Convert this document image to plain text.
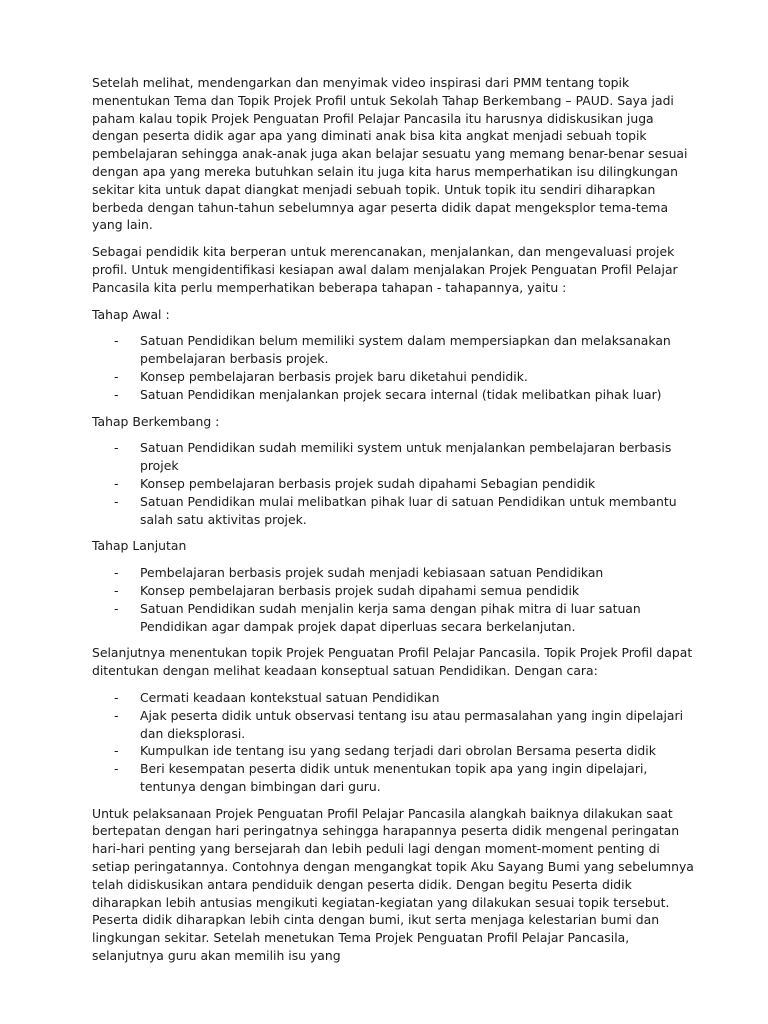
Setelah melihat, mendengarkan dan menyimak video inspirasi dari PMM tentang topik menentukan Tema dan Topik Projek Profil untuk Sekolah Tahap Berkembang – PAUD. Saya jadi paham kalau topik Projek Penguatan Profil Pelajar Pancasila itu harusnya didiskusikan juga dengan peserta didik agar apa yang diminati anak bisa kita angkat menjadi sebuah topik pembelajaran sehingga anak-anak juga akan belajar sesuatu yang memang benar-benar sesuai dengan apa yang mereka butuhkan selain itu juga kita harus memperhatikan isu dilingkungan sekitar kita untuk dapat diangkat menjadi sebuah topik. Untuk topik itu sendiri diharapkan berbeda dengan tahun-tahun sebelumnya agar peserta didik dapat mengeksplor tema-tema yang lain.

Sebagai pendidik kita berperan untuk merencanakan, menjalankan, dan mengevaluasi projek profil. Untuk mengidentifikasi kesiapan awal dalam menjalakan Projek Penguatan Profil Pelajar Pancasila kita perlu memperhatikan beberapa tahapan - tahapannya, yaitu :

Tahap Awal :

- Satuan Pendidikan belum memiliki system dalam mempersiapkan dan melaksanakan pembelajaran berbasis projek.
- Konsep pembelajaran berbasis projek baru diketahui pendidik.
- Satuan Pendidikan menjalankan projek secara internal (tidak melibatkan pihak luar)

Tahap Berkembang :

- Satuan Pendidikan sudah memiliki system untuk menjalankan pembelajaran berbasis projek
- Konsep pembelajaran berbasis projek sudah dipahami Sebagian pendidik
- Satuan Pendidikan mulai melibatkan pihak luar di satuan Pendidikan untuk membantu salah satu aktivitas projek.

Tahap Lanjutan

- Pembelajaran berbasis projek sudah menjadi kebiasaan satuan Pendidikan
- Konsep pembelajaran berbasis projek sudah dipahami semua pendidik
- Satuan Pendidikan sudah menjalin kerja sama dengan pihak mitra di luar satuan Pendidikan agar dampak projek dapat diperluas secara berkelanjutan.

Selanjutnya menentukan topik Projek Penguatan Profil Pelajar Pancasila. Topik Projek Profil dapat ditentukan dengan melihat keadaan konseptual satuan Pendidikan. Dengan cara:

- Cermati keadaan kontekstual satuan Pendidikan
- Ajak peserta didik untuk observasi tentang isu atau permasalahan yang ingin dipelajari dan dieksplorasi.
- Kumpulkan ide tentang isu yang sedang terjadi dari obrolan Bersama peserta didik
- Beri kesempatan peserta didik untuk menentukan topik apa yang ingin dipelajari, tentunya dengan bimbingan dari guru.

Untuk pelaksanaan Projek Penguatan Profil Pelajar Pancasila alangkah baiknya dilakukan saat bertepatan dengan hari peringatnya sehingga harapannya peserta didik mengenal peringatan hari-hari penting yang bersejarah dan lebih peduli lagi dengan moment-moment penting di setiap peringatannya. Contohnya dengan mengangkat topik Aku Sayang Bumi yang sebelumnya telah didiskusikan antara pendiduik dengan peserta didik. Dengan begitu Peserta didik diharapkan lebih antusias mengikuti kegiatan-kegiatan yang dilakukan sesuai topik tersebut. Peserta didik diharapkan lebih cinta dengan bumi, ikut serta menjaga kelestarian bumi dan lingkungan sekitar. Setelah menetukan Tema Projek Penguatan Profil Pelajar Pancasila, selanjutnya guru akan memilih isu yang
